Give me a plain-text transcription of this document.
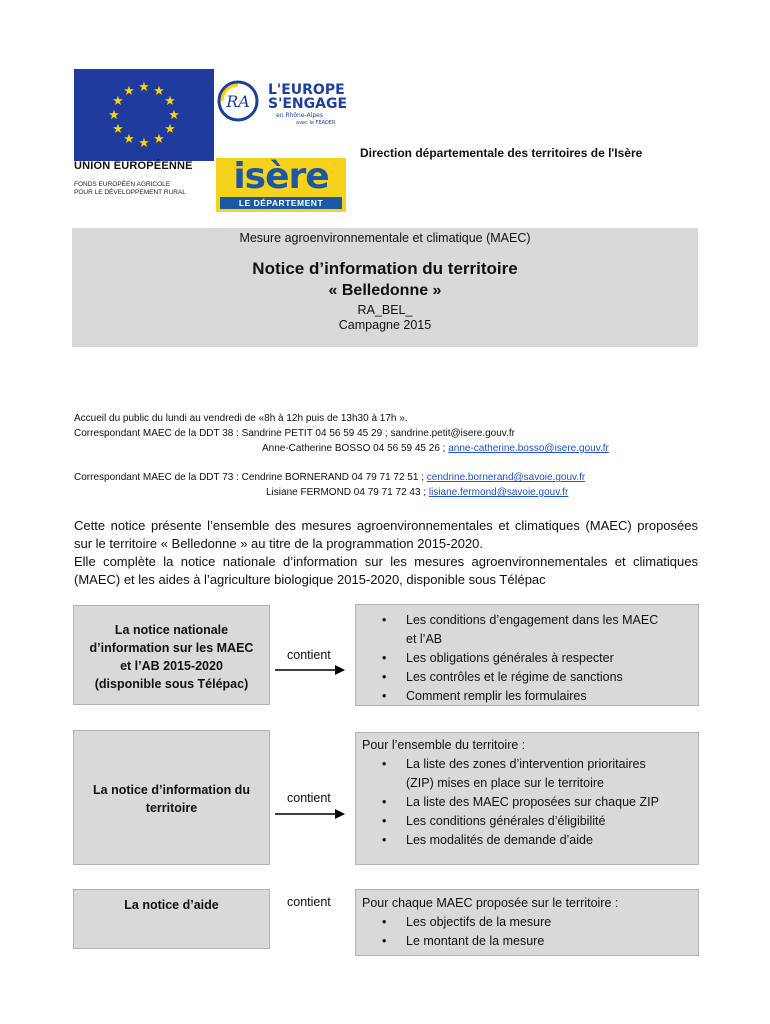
★ ★
★
★
★
★
★
★
★
★
★
★
UNION EUROPÉENNE
FONDS EUROPÉEN AGRICOLE
POUR LE DÉVELOPPEMENT RURAL
RA
L'EUROPE
S'ENGAGE
en Rhône-Alpes
avec le FEADER
isère
LE DÉPARTEMENT
Direction départementale des territoires de l'Isère
Mesure agroenvironnementale et climatique (MAEC)
Notice d’information du territoire
« Belledonne »
RA_BEL_
Campagne 2015
Accueil du public du lundi au vendredi de «8h à 12h puis de 13h30 à 17h ».
Correspondant MAEC de la DDT 38 : Sandrine PETIT 04 56 59 45 29 ; sandrine.petit@isere.gouv.fr
Anne-Catherine BOSSO 04 56 59 45 26 ; anne-catherine.bosso@isere.gouv.fr
Correspondant MAEC de la DDT 73 : Cendrine BORNERAND 04 79 71 72 51 ; cendrine.bornerand@savoie.gouv.fr
Lisiane FERMOND 04 79 71 72 43 ; lisiane.fermond@savoie.gouv.fr

Cette notice présente l’ensemble des mesures agroenvironnementales et climatiques (MAEC) proposées sur le territoire « Belledonne » au titre de la programmation 2015-2020.

Elle complète la notice nationale d’information sur les mesures agroenvironnementales et climatiques (MAEC) et les aides à l’agriculture biologique 2015-2020, disponible sous Télépac

La notice nationale
d’information sur les MAEC
et l’AB 2015-2020
(disponible sous Télépac)
contient
• Les conditions d’engagement dans les MAEC
et l’AB
• Les obligations générales à respecter
• Les contrôles et le régime de sanctions
• Comment remplir les formulaires
La notice d’information du
territoire
contient
Pour l’ensemble du territoire :
• La liste des zones d’intervention prioritaires
(ZIP) mises en place sur le territoire
• La liste des MAEC proposées sur chaque ZIP
• Les conditions générales d’éligibilité
• Les modalités de demande d’aide
La notice d’aide	contient	Pour chaque MAEC proposée sur le territoire :
• Les objectifs de la mesure
• Le montant de la mesure
